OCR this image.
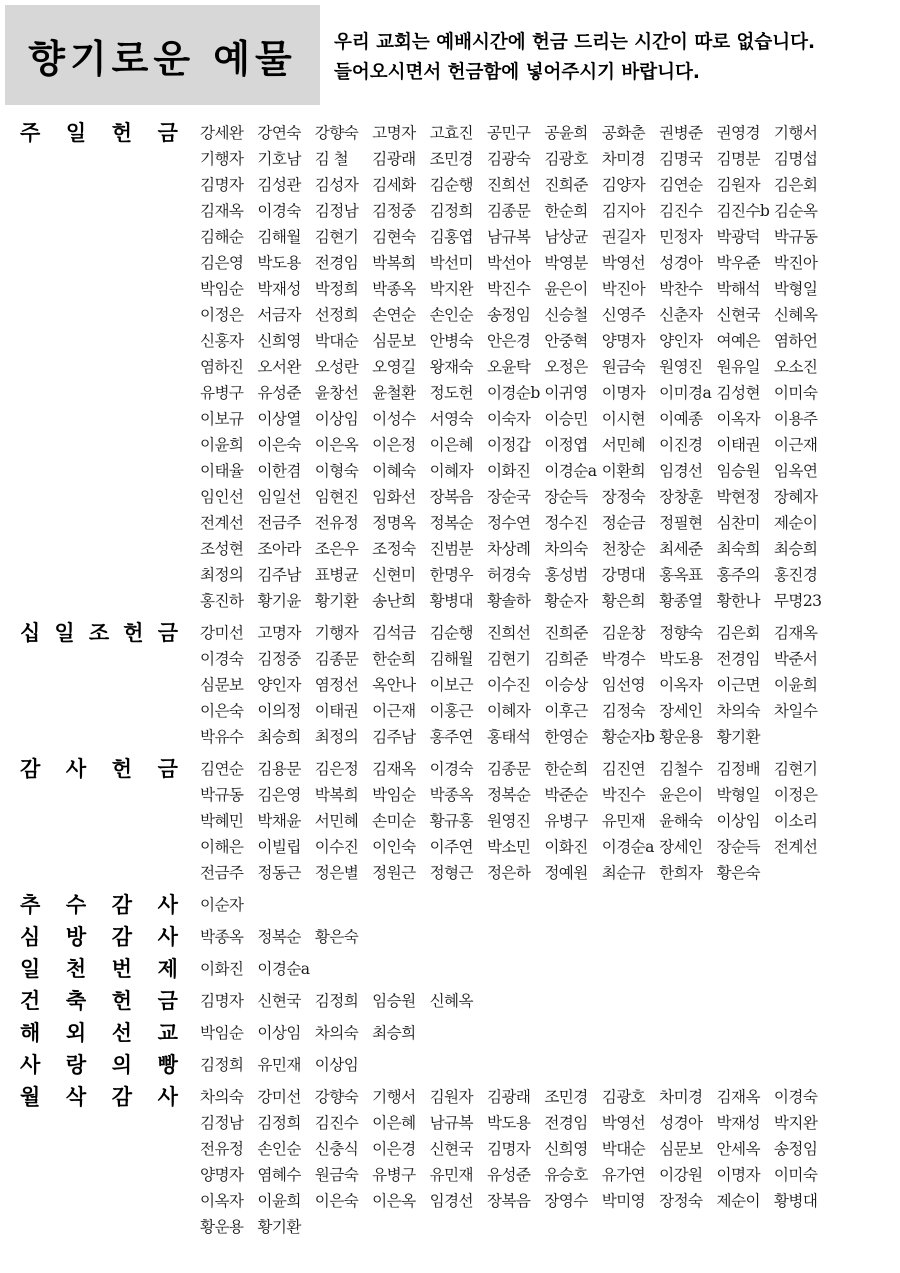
향기로운 예물 우리 교회는 예배시간에 헌금 드리는 시간이 따로 없습니다.
들어오시면서 헌금함에 넣어주시기 바랍니다.
주 일 헌 금 강세완 강연숙 강향숙 고명자 고효진 공민구 공윤희 공화춘 권병준 권영경 기행서
기행자 기호남 김 철	김광래 조민경 김광숙 김광호 차미경 김명국 김명분 김명섭
김명자 김성관 김성자 김세화 김순행 진희선 진희준 김양자 김연순 김원자 김은회
김재옥 이경숙 김정남 김정중 김정희 김종문 한순희 김지아 김진수 김진수b 김순옥
김해순 김해월 김현기 김현숙 김홍엽 남규복 남상균 권길자 민정자 박광덕 박규동
김은영 박도용 전경임 박복희 박선미 박선아 박영분 박영선 성경아 박우준 박진아
박임순 박재성 박정희 박종옥 박지완 박진수 윤은이 박진아 박찬수 박해석 박형일
이정은 서금자 선정희 손연순 손인순 송정임 신승철 신영주 신춘자 신현국 신혜옥
신홍자 신희영 박대순 심문보 안병숙 안은경 안중혁 양명자 양인자 여예은 염하언
염하진 오서완 오성란 오영길 왕재숙 오윤탁 오정은 원금숙 원영진 원유일 오소진
유병구 유성준 윤창선 윤철환 정도헌 이경순b 이귀영 이명자 이미경a 김성현 이미숙
이보규 이상열 이상임 이성수 서영숙 이숙자 이승민 이시현 이예종 이옥자 이용주
이윤희 이은숙 이은옥 이은정 이은혜 이정갑 이정엽 서민혜 이진경 이태권 이근재
이태율 이한겸 이형숙 이혜숙 이혜자 이화진 이경순a 이환희 임경선 임승원 임옥연
임인선 임일선 임현진 임화선 장복음 장순국 장순득 장정숙 장창훈 박현정 장혜자
전계선 전금주 전유정 정명옥 정복순 정수연 정수진 정순금 정필현 심찬미 제순이
조성현 조아라 조은우 조정숙 진범분 차상례 차의숙 천창순 최세준 최숙희 최승희
최정의 김주남 표병균 신현미 한명우 허경숙 홍성범 강명대 홍옥표 홍주의 홍진경
홍진하 황기윤 황기환 송난희 황병대 황솔하 황순자 황은희 황종열 황한나 무명23
십 일 조 헌 금 강미선 고명자 기행자 김석금 김순행 진희선 진희준 김운창 정향숙 김은회 김재옥
이경숙 김정중 김종문 한순희 김해월 김현기 김희준 박경수 박도용 전경임 박준서
심문보 양인자 염정선 옥안나 이보근 이수진 이승상 임선영 이옥자 이근면 이윤희
이은숙 이의정 이태권 이근재 이홍근 이혜자 이후근 김정숙 장세인 차의숙 차일수
박유수 최승희 최정의 김주남 홍주연 홍태석 한영순 황순자b 황운용 황기환
감 사 헌 금 김연순 김용문 김은정 김재옥 이경숙 김종문 한순희 김진연 김철수 김정배 김현기
박규동 김은영 박복희 박임순 박종옥 정복순 박준순 박진수 윤은이 박형일 이정은
박혜민 박채윤 서민혜 손미순 황규홍 원영진 유병구 유민재 윤해숙 이상임 이소리
이해은 이빌립 이수진 이인숙 이주연 박소민 이화진 이경순a 장세인 장순득 전계선
전금주 정동근 정은별 정원근 정형근 정은하 정예원 최순규 한희자 황은숙
추 수 감 사 이순자
심 방 감 사 박종옥 정복순 황은숙
일 천 번 제 이화진 이경순a
건 축 헌 금 김명자 신현국 김정희 임승원 신혜옥
해 외 선 교 박임순 이상임 차의숙 최승희
사 랑 의 빵 김정희 유민재 이상임
월 삭 감 사 차의숙 강미선 강향숙 기행서 김원자 김광래 조민경 김광호 차미경 김재옥 이경숙
김정남 김정희 김진수 이은혜 남규복 박도용 전경임 박영선 성경아 박재성 박지완
전유정 손인순 신충식 이은경 신현국 김명자 신희영 박대순 심문보 안세옥 송정임
양명자 염혜수 원금숙 유병구 유민재 유성준 유승호 유가연 이강원 이명자 이미숙
이옥자 이윤희 이은숙 이은옥 임경선 장복음 장영수 박미영 장정숙 제순이 황병대
황운용 황기환
